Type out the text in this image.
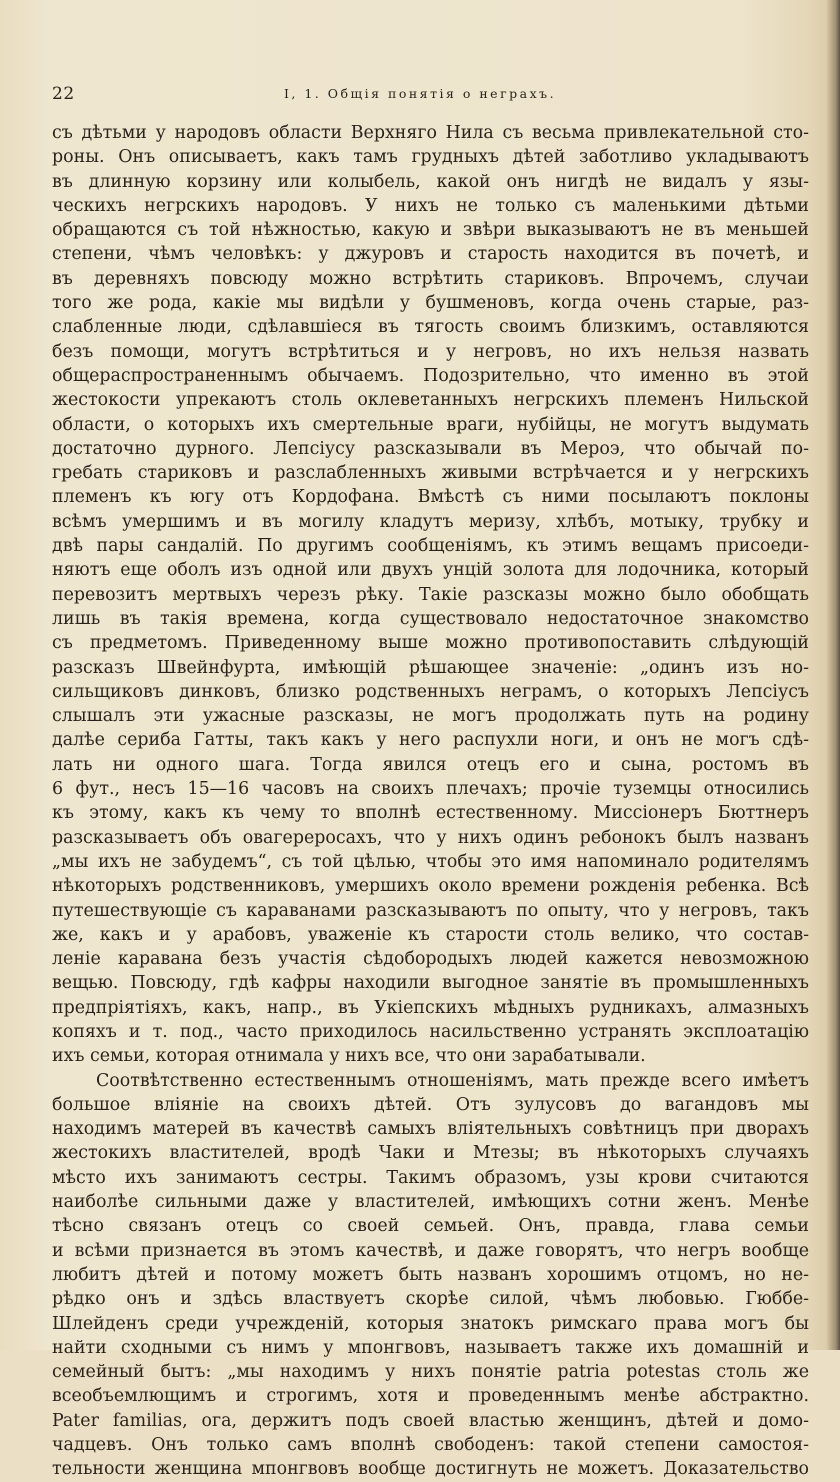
22	I, 1. Общія понятія о неграхъ.
съ дѣтьми у народовъ области Верхняго Нила съ весьма привлекательной сто-
роны. Онъ описываетъ, какъ тамъ грудныхъ дѣтей заботливо укладываютъ
въ длинную корзину или колыбель, какой онъ нигдѣ не видалъ у язы-
ческихъ негрскихъ народовъ. У нихъ не только съ маленькими дѣтьми
обращаются съ той нѣжностью, какую и звѣри выказываютъ не въ меньшей
степени, чѣмъ человѣкъ: у джуровъ и старость находится въ почетѣ, и
въ деревняхъ повсюду можно встрѣтить стариковъ. Впрочемъ, случаи
того же рода, какіе мы видѣли у бушменовъ, когда очень старые, раз-
слабленные люди, сдѣлавшіеся въ тягость своимъ близкимъ, оставляются
безъ помощи, могутъ встрѣтиться и у негровъ, но ихъ нельзя назвать
общераспространеннымъ обычаемъ. Подозрительно, что именно въ этой
жестокости упрекаютъ столь оклеветанныхъ негрскихъ племенъ Нильской
области, о которыхъ ихъ смертельные враги, нубійцы, не могутъ выдумать
достаточно дурного. Лепсіусу разсказывали въ Мероэ, что обычай по-
гребать стариковъ и разслабленныхъ живыми встрѣчается и у негрскихъ
племенъ къ югу отъ Кордофана. Вмѣстѣ съ ними посылаютъ поклоны
всѣмъ умершимъ и въ могилу кладутъ меризу, хлѣбъ, мотыку, трубку и
двѣ пары сандалій. По другимъ сообщеніямъ, къ этимъ вещамъ присоеди-
няютъ еще оболъ изъ одной или двухъ унцій золота для лодочника, который
перевозитъ мертвыхъ черезъ рѣку. Такіе разсказы можно было обобщать
лишь въ такія времена, когда существовало недостаточное знакомство
съ предметомъ. Приведенному выше можно противопоставить слѣдующій
разсказъ Швейнфурта, имѣющій рѣшающее значеніе: „одинъ изъ но-
сильщиковъ динковъ, близко родственныхъ неграмъ, о которыхъ Лепсіусъ
слышалъ эти ужасные разсказы, не могъ продолжать путь на родину
далѣе сериба Гатты, такъ какъ у него распухли ноги, и онъ не могъ сдѣ-
лать ни одного шага. Тогда явился отецъ его и сына, ростомъ въ
6 фут., несъ 15—16 часовъ на своихъ плечахъ; прочіе туземцы относились
къ этому, какъ къ чему то вполнѣ естественному. Миссіонеръ Бюттнеръ
разсказываетъ объ овагереросахъ, что у нихъ одинъ ребонокъ былъ названъ
„мы ихъ не забудемъ“, съ той цѣлью, чтобы это имя напоминало родителямъ
нѣкоторыхъ родственниковъ, умершихъ около времени рожденія ребенка. Всѣ
путешествующіе съ караванами разсказываютъ по опыту, что у негровъ, такъ
же, какъ и у арабовъ, уваженіе къ старости столь велико, что состав-
леніе каравана безъ участія сѣдобородыхъ людей кажется невозможною
вещью. Повсюду, гдѣ кафры находили выгодное занятіе въ промышленныхъ
предпріятіяхъ, какъ, напр., въ Укіепскихъ мѣдныхъ рудникахъ, алмазныхъ
копяхъ и т. под., часто приходилось насильственно устранять эксплоатацію
ихъ семьи, которая отнимала у нихъ все, что они зарабатывали.
Соотвѣтственно естественнымъ отношеніямъ, мать прежде всего имѣетъ
большое вліяніе на своихъ дѣтей. Отъ зулусовъ до вагандовъ мы
находимъ матерей въ качествѣ самыхъ вліятельныхъ совѣтницъ при дворахъ
жестокихъ властителей, вродѣ Чаки и Мтезы; въ нѣкоторыхъ случаяхъ
мѣсто ихъ занимаютъ сестры. Такимъ образомъ, узы крови считаются
наиболѣе сильными даже у властителей, имѣющихъ сотни женъ. Менѣе
тѣсно связанъ отецъ со своей семьей. Онъ, правда, глава семьи
и всѣми признается въ этомъ качествѣ, и даже говорятъ, что негръ вообще
любитъ дѣтей и потому можетъ быть названъ хорошимъ отцомъ, но не-
рѣдко онъ и здѣсь властвуетъ скорѣе силой, чѣмъ любовью. Гюббе-
Шлейденъ среди учрежденій, которыя знатокъ римскаго права могъ бы
найти сходными съ нимъ у мпонгвовъ, называетъ также ихъ домашній и
семейный бытъ: „мы находимъ у нихъ понятіе patria potestas столь же
всеобъемлющимъ и строгимъ, хотя и проведеннымъ менѣе абстрактно.
Pater familias, ога, держитъ подъ своей властью женщинъ, дѣтей и домо-
чадцевъ. Онъ только самъ вполнѣ свободенъ: такой степени самостоя-
тельности женщина мпонгвовъ вообще достигнуть не можетъ. Доказательство
